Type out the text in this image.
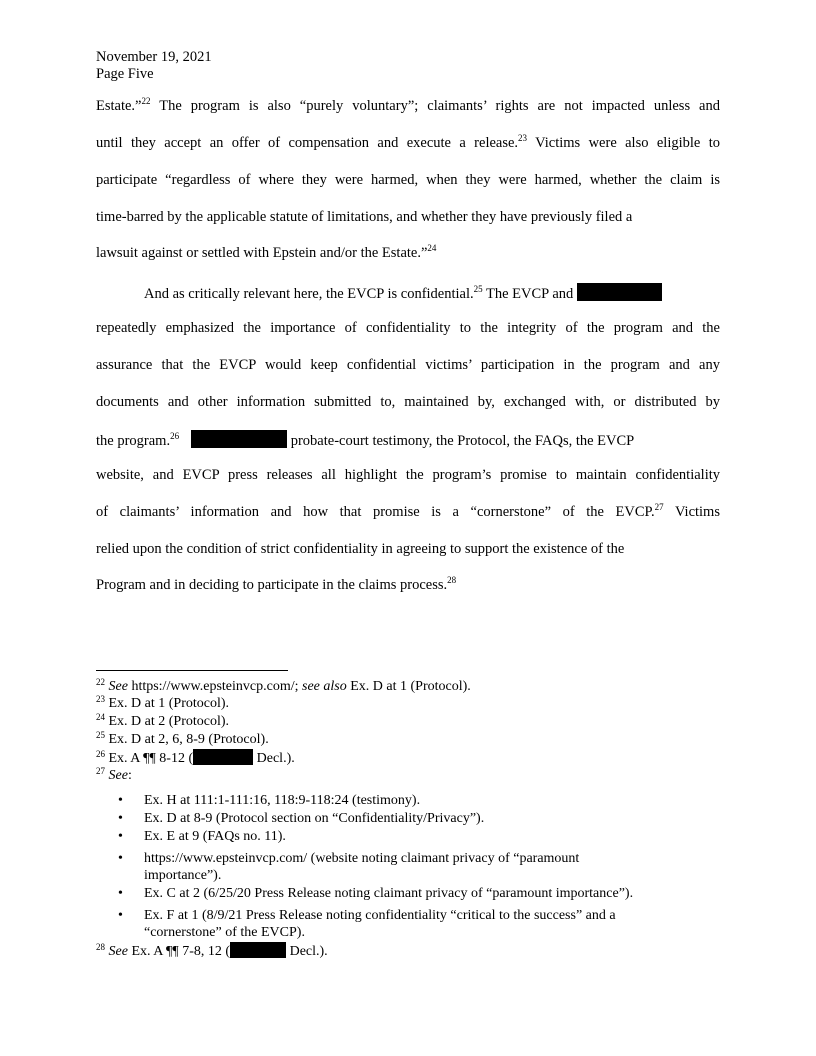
November 19, 2021
Page Five
Estate.”$^{22}$ The program is also “purely voluntary”; claimants’ rights are not impacted unless and
until they accept an offer of compensation and execute a release.$^{23}$ Victims were also eligible to
participate “regardless of where they were harmed, when they were harmed, whether the claim is
time-barred by the applicable statute of limitations, and whether they have previously filed a
lawsuit against or settled with Epstein and/or the Estate.”$^{24}$
And as critically relevant here, the EVCP is confidential.$^{25}$ The EVCP and
repeatedly emphasized the importance of confidentiality to the integrity of the program and the
assurance that the EVCP would keep confidential victims’ participation in the program and any
documents and other information submitted to, maintained by, exchanged with, or distributed by
the program.$^{26}$	probate-court testimony, the Protocol, the FAQs, the EVCP
website, and EVCP press releases all highlight the program’s promise to maintain confidentiality
of claimants’ information and how that promise is a “cornerstone” of the EVCP.$^{27}$ Victims
relied upon the condition of strict confidentiality in agreeing to support the existence of the
Program and in deciding to participate in the claims process.$^{28}$
$^{22}$ See https://www.epsteinvcp.com/; see also Ex. D at 1 (Protocol).
$^{23}$ Ex. D at 1 (Protocol).
$^{24}$ Ex. D at 2 (Protocol).
$^{25}$ Ex. D at 2, 6, 8-9 (Protocol).
$^{26}$ Ex. A ¶¶ 8-12 (	Decl.).
$^{27}$ See:
• Ex. H at 111:1-111:16, 118:9-118:24 (testimony).
• Ex. D at 8-9 (Protocol section on “Confidentiality/Privacy”).
• Ex. E at 9 (FAQs no. 11).
• https://www.epsteinvcp.com/ (website noting claimant privacy of “paramount
importance”).
• Ex. C at 2 (6/25/20 Press Release noting claimant privacy of “paramount importance”).
• Ex. F at 1 (8/9/21 Press Release noting confidentiality “critical to the success” and a
“cornerstone” of the EVCP).
$^{28}$ See Ex. A ¶¶ 7-8, 12 (	Decl.).
